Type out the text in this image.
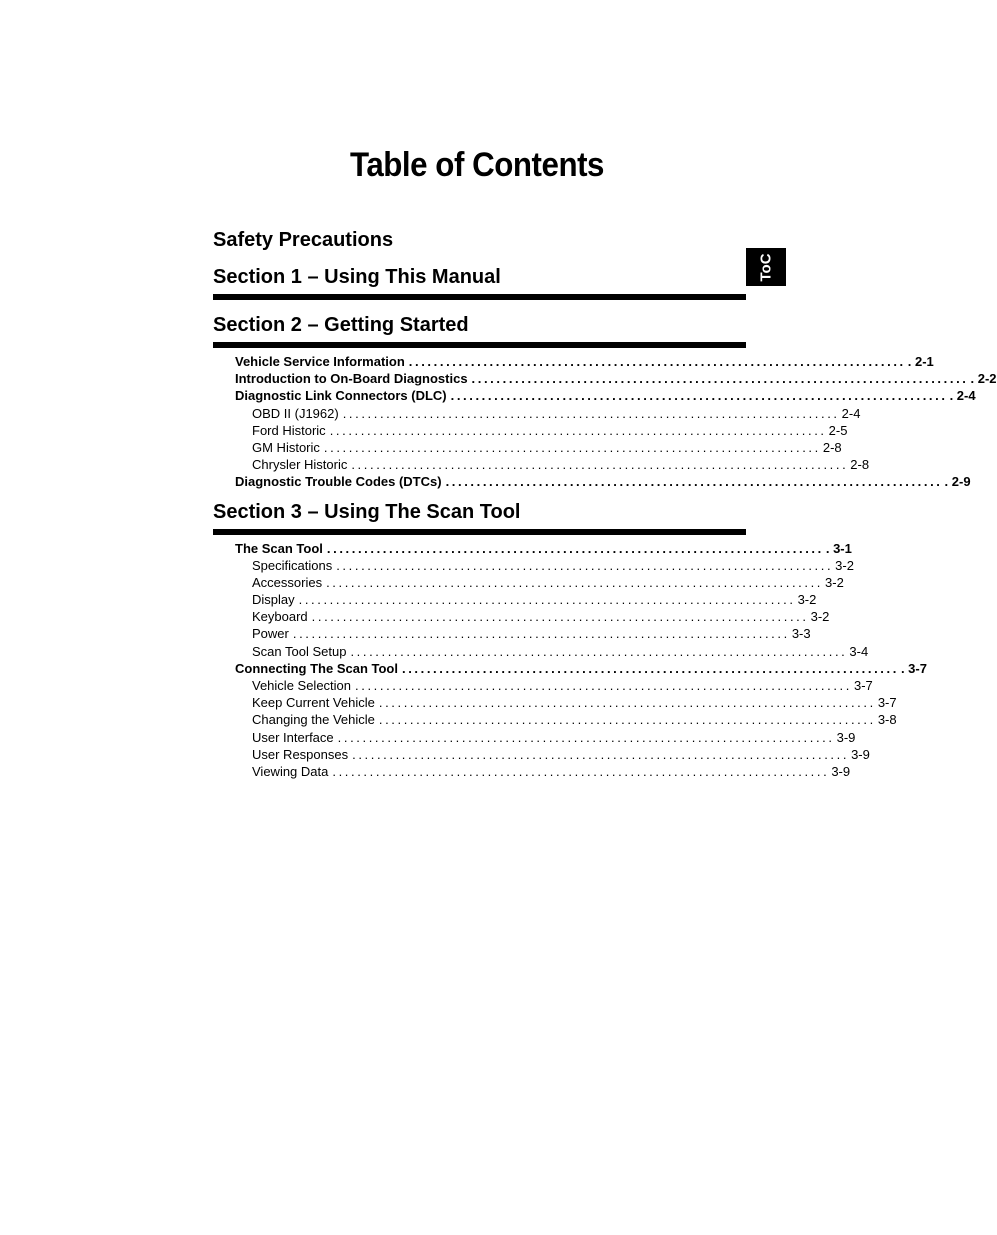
Table of Contents
ToC
Safety Precautions
Section 1 – Using This Manual
Section 2 – Getting Started
Vehicle Service Information ................................................................................ . 2-1
Introduction to On-Board Diagnostics ................................................................................ . 2-2
Diagnostic Link Connectors (DLC) ................................................................................ . 2-4
OBD II (J1962) ................................................................................ 2-4
Ford Historic ................................................................................ 2-5
GM Historic ................................................................................ 2-8
Chrysler Historic ................................................................................ 2-8
Diagnostic Trouble Codes (DTCs) ................................................................................ . 2-9
Section 3 – Using The Scan Tool
The Scan Tool ................................................................................ . 3-1
Specifications ................................................................................ 3-2
Accessories ................................................................................ 3-2
Display ................................................................................ 3-2
Keyboard ................................................................................ 3-2
Power ................................................................................ 3-3
Scan Tool Setup ................................................................................ 3-4
Connecting The Scan Tool ................................................................................ . 3-7
Vehicle Selection ................................................................................ 3-7
Keep Current Vehicle ................................................................................ 3-7
Changing the Vehicle ................................................................................ 3-8
User Interface ................................................................................ 3-9
User Responses ................................................................................ 3-9
Viewing Data ................................................................................ 3-9
